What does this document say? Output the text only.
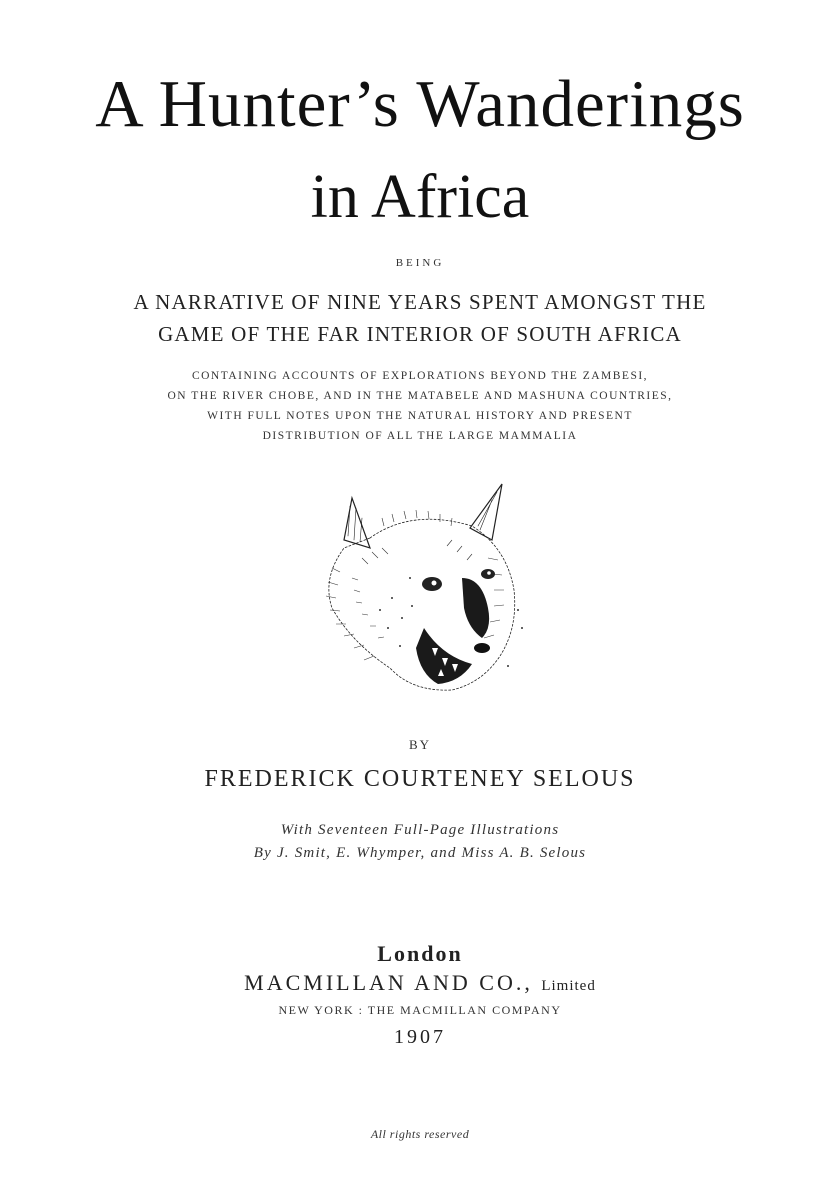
A Hunter’s Wanderings
in Africa
BEING
A NARRATIVE OF NINE YEARS SPENT AMONGST THE
GAME OF THE FAR INTERIOR OF SOUTH AFRICA
CONTAINING ACCOUNTS OF EXPLORATIONS BEYOND THE ZAMBESI,
ON THE RIVER CHOBE, AND IN THE MATABELE AND MASHUNA COUNTRIES,
WITH FULL NOTES UPON THE NATURAL HISTORY AND PRESENT
DISTRIBUTION OF ALL THE LARGE MAMMALIA
BY
FREDERICK COURTENEY SELOUS
With Seventeen Full-Page Illustrations
By J. Smit, E. Whymper, and Miss A. B. Selous
London
MACMILLAN AND CO., Limited
NEW YORK : THE MACMILLAN COMPANY
1907
All rights reserved
